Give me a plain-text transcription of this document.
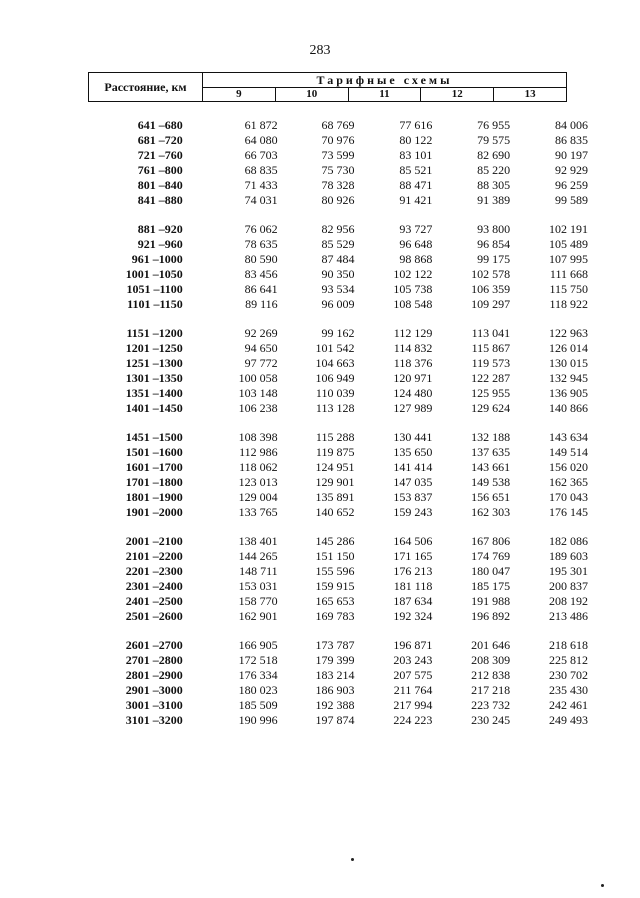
283
Расстояние, км	Тарифные схемы
9	10	11	12	13
641 –680	61 872	68 769	77 616	76 955	84 006
681 –720	64 080	70 976	80 122	79 575	86 835
721 –760	66 703	73 599	83 101	82 690	90 197
761 –800	68 835	75 730	85 521	85 220	92 929
801 –840	71 433	78 328	88 471	88 305	96 259
841 –880	74 031	80 926	91 421	91 389	99 589
881 –920	76 062	82 956	93 727	93 800	102 191
921 –960	78 635	85 529	96 648	96 854	105 489
961 –1000	80 590	87 484	98 868	99 175	107 995
1001 –1050	83 456	90 350	102 122	102 578	111 668
1051 –1100	86 641	93 534	105 738	106 359	115 750
1101 –1150	89 116	96 009	108 548	109 297	118 922
1151 –1200	92 269	99 162	112 129	113 041	122 963
1201 –1250	94 650	101 542	114 832	115 867	126 014
1251 –1300	97 772	104 663	118 376	119 573	130 015
1301 –1350	100 058	106 949	120 971	122 287	132 945
1351 –1400	103 148	110 039	124 480	125 955	136 905
1401 –1450	106 238	113 128	127 989	129 624	140 866
1451 –1500	108 398	115 288	130 441	132 188	143 634
1501 –1600	112 986	119 875	135 650	137 635	149 514
1601 –1700	118 062	124 951	141 414	143 661	156 020
1701 –1800	123 013	129 901	147 035	149 538	162 365
1801 –1900	129 004	135 891	153 837	156 651	170 043
1901 –2000	133 765	140 652	159 243	162 303	176 145
2001 –2100	138 401	145 286	164 506	167 806	182 086
2101 –2200	144 265	151 150	171 165	174 769	189 603
2201 –2300	148 711	155 596	176 213	180 047	195 301
2301 –2400	153 031	159 915	181 118	185 175	200 837
2401 –2500	158 770	165 653	187 634	191 988	208 192
2501 –2600	162 901	169 783	192 324	196 892	213 486
2601 –2700	166 905	173 787	196 871	201 646	218 618
2701 –2800	172 518	179 399	203 243	208 309	225 812
2801 –2900	176 334	183 214	207 575	212 838	230 702
2901 –3000	180 023	186 903	211 764	217 218	235 430
3001 –3100	185 509	192 388	217 994	223 732	242 461
3101 –3200	190 996	197 874	224 223	230 245	249 493
